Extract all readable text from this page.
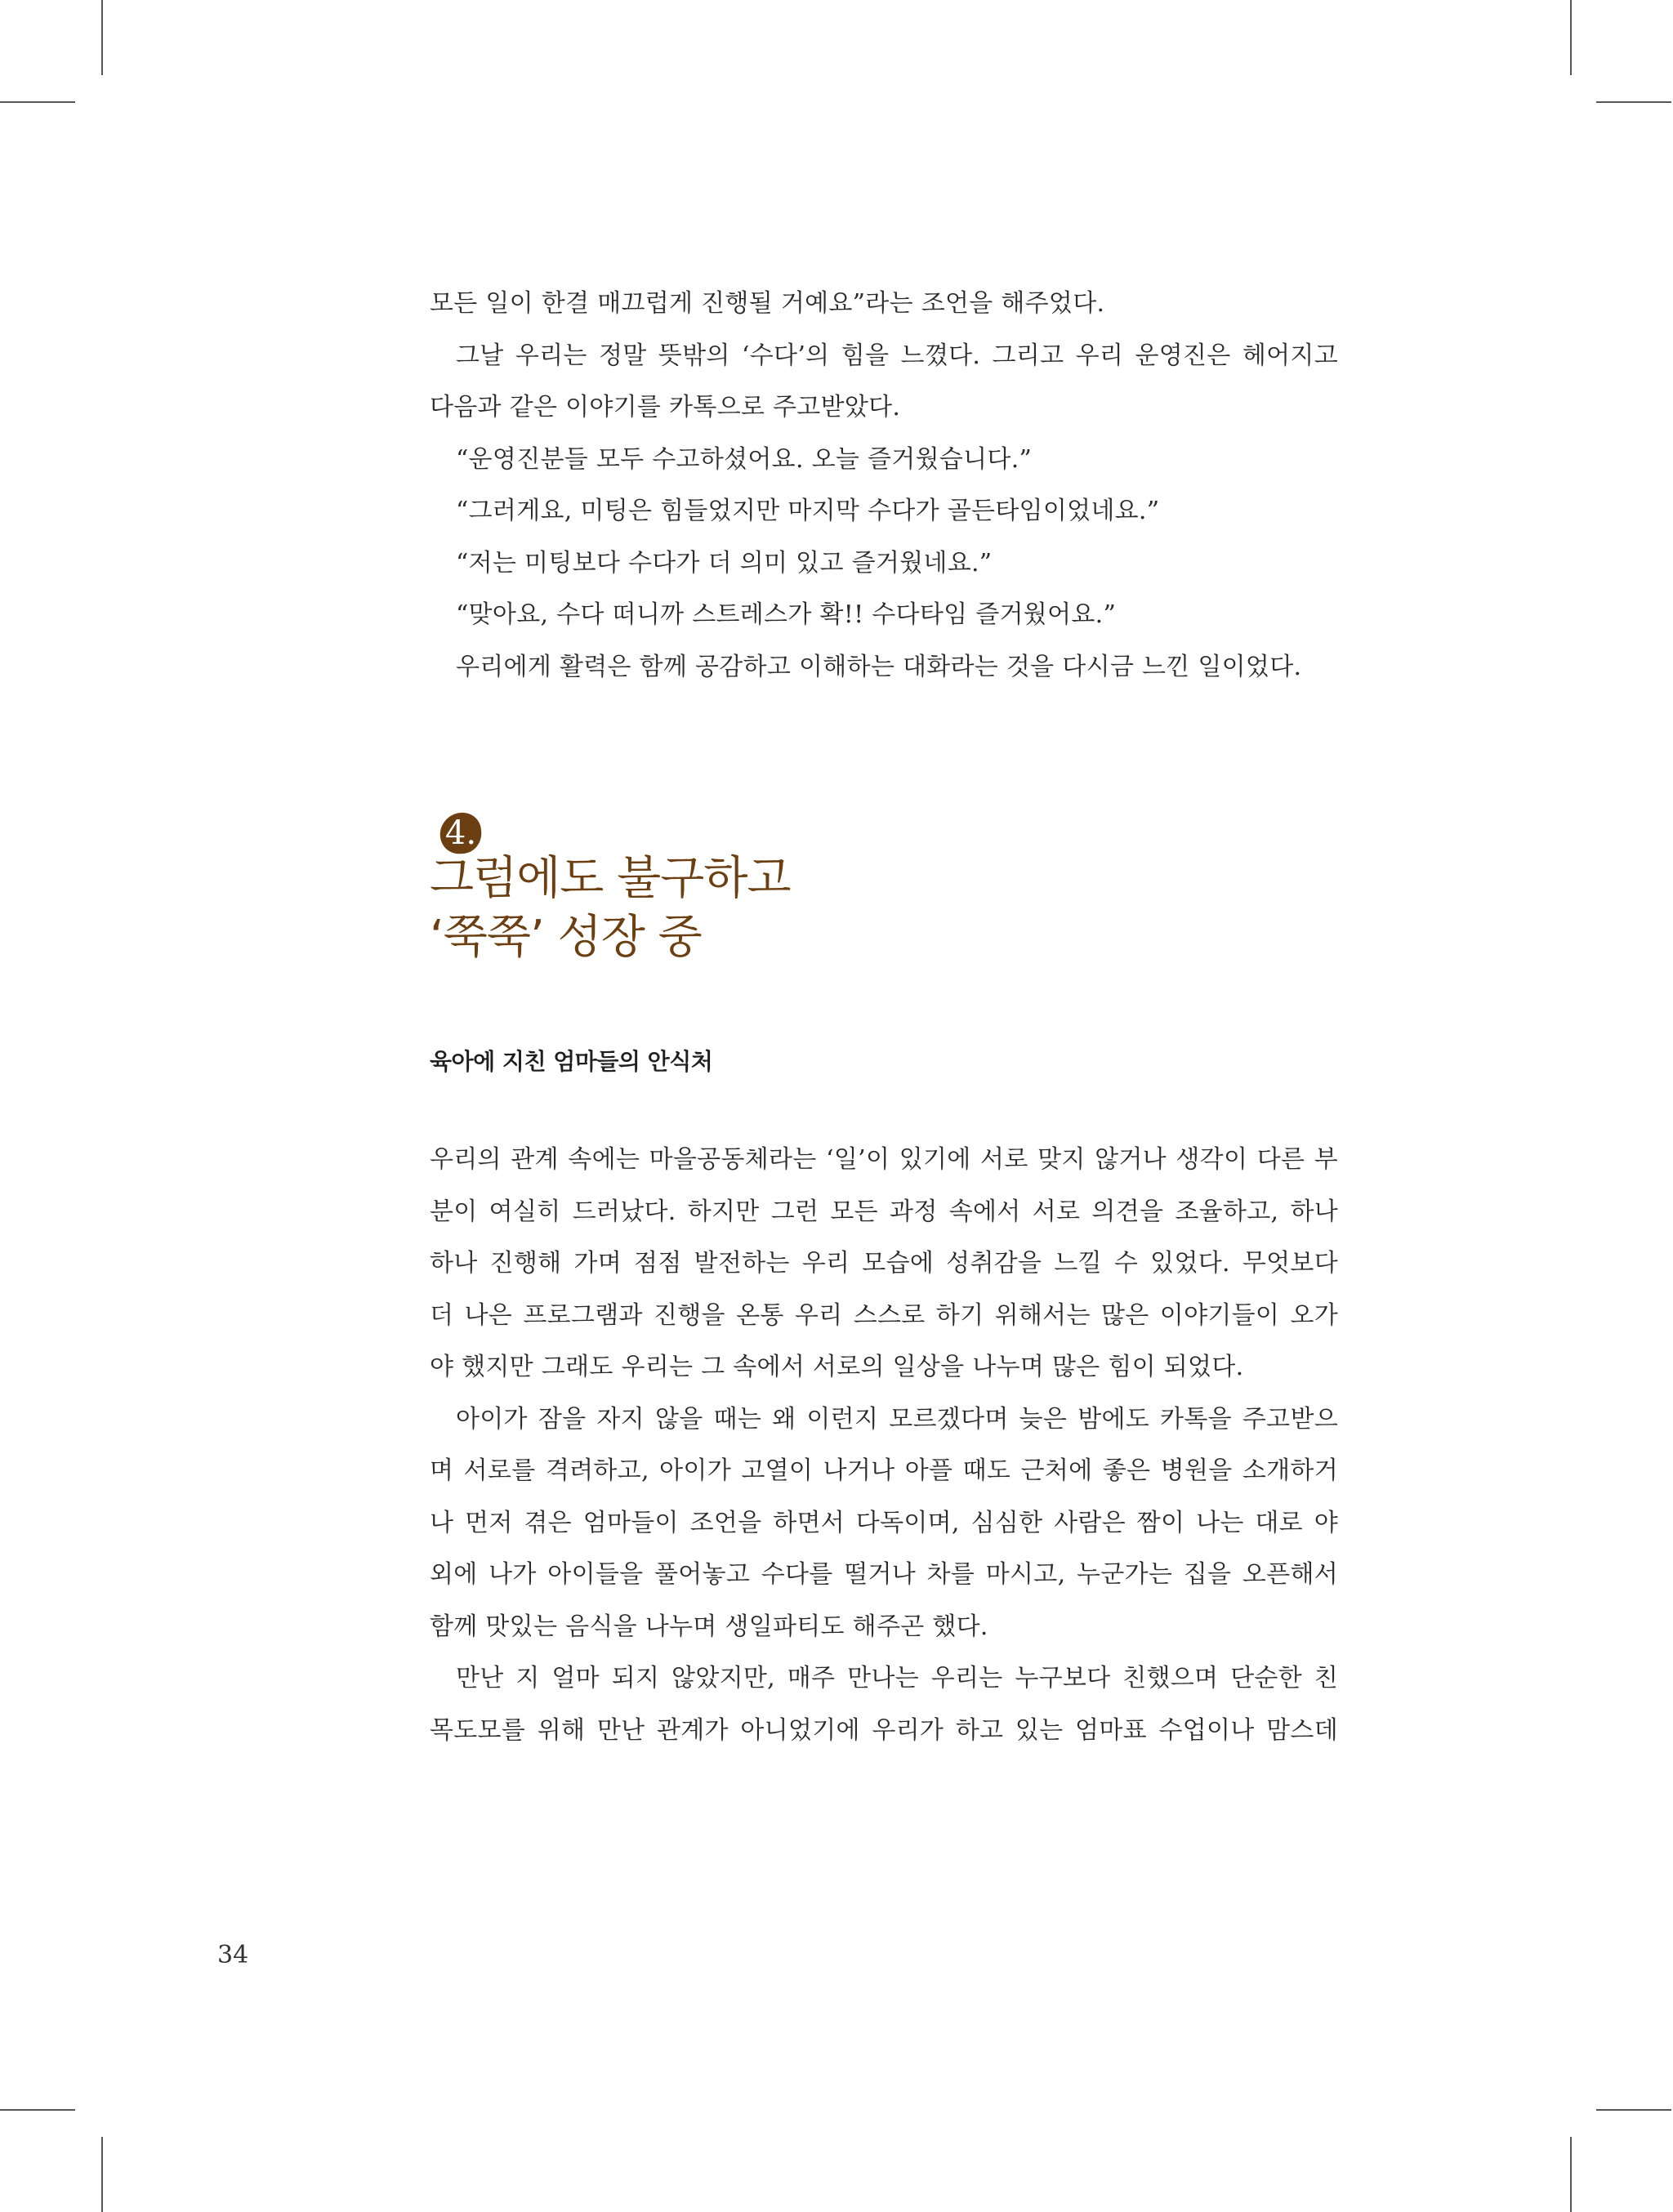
모든 일이 한결 매끄럽게 진행될 거예요”라는 조언을 해주었다.
그날 우리는 정말 뜻밖의 ‘수다’의 힘을 느꼈다. 그리고 우리 운영진은 헤어지고
다음과 같은 이야기를 카톡으로 주고받았다.
“운영진분들 모두 수고하셨어요. 오늘 즐거웠습니다.”
“그러게요, 미팅은 힘들었지만 마지막 수다가 골든타임이었네요.”
“저는 미팅보다 수다가 더 의미 있고 즐거웠네요.”
“맞아요, 수다 떠니까 스트레스가 확!! 수다타임 즐거웠어요.”
우리에게 활력은 함께 공감하고 이해하는 대화라는 것을 다시금 느낀 일이었다.

4.
그럼에도 불구하고
‘쭉쭉’ 성장 중
육아에 지친 엄마들의 안식처

우리의 관계 속에는 마을공동체라는 ‘일’이 있기에 서로 맞지 않거나 생각이 다른 부
분이 여실히 드러났다. 하지만 그런 모든 과정 속에서 서로 의견을 조율하고, 하나
하나 진행해 가며 점점 발전하는 우리 모습에 성취감을 느낄 수 있었다. 무엇보다
더 나은 프로그램과 진행을 온통 우리 스스로 하기 위해서는 많은 이야기들이 오가
야 했지만 그래도 우리는 그 속에서 서로의 일상을 나누며 많은 힘이 되었다.
아이가 잠을 자지 않을 때는 왜 이런지 모르겠다며 늦은 밤에도 카톡을 주고받으
며 서로를 격려하고, 아이가 고열이 나거나 아플 때도 근처에 좋은 병원을 소개하거
나 먼저 겪은 엄마들이 조언을 하면서 다독이며, 심심한 사람은 짬이 나는 대로 야
외에 나가 아이들을 풀어놓고 수다를 떨거나 차를 마시고, 누군가는 집을 오픈해서
함께 맛있는 음식을 나누며 생일파티도 해주곤 했다.
만난 지 얼마 되지 않았지만, 매주 만나는 우리는 누구보다 친했으며 단순한 친
목도모를 위해 만난 관계가 아니었기에 우리가 하고 있는 엄마표 수업이나 맘스데

34
